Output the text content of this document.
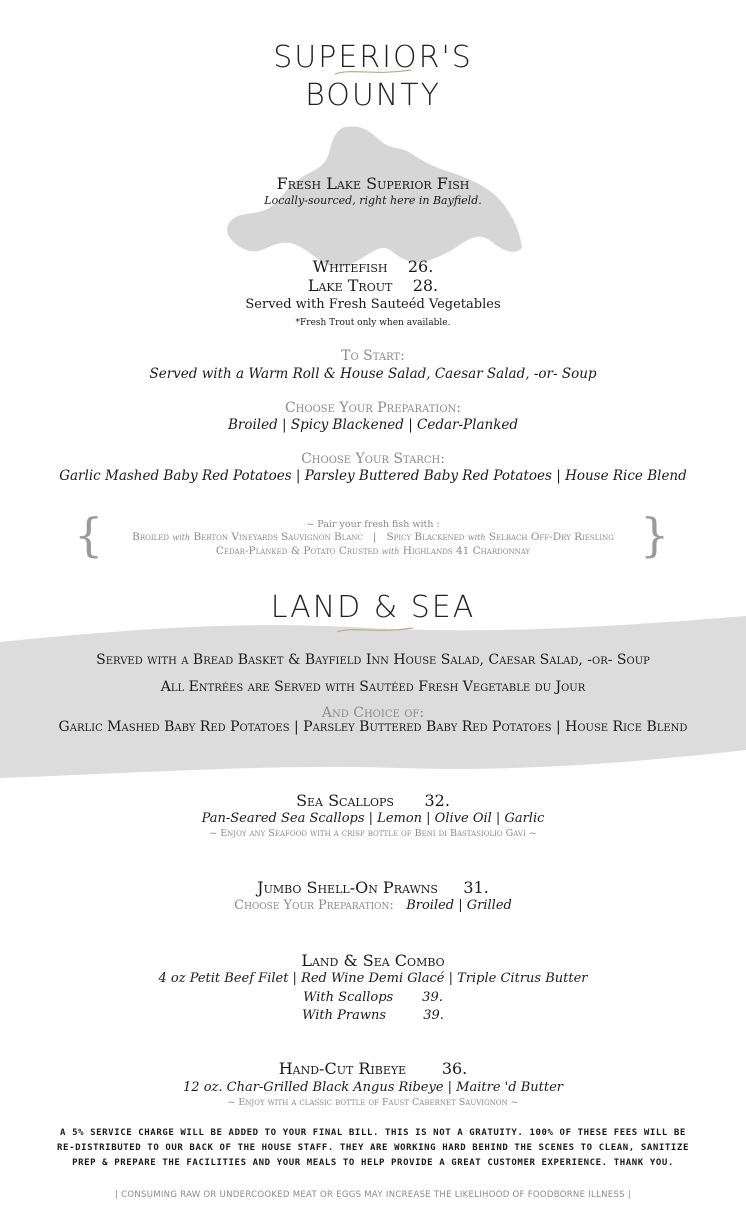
SUPERIOR'S
BOUNTY
Fresh Lake Superior Fish
Locally-sourced, right here in Bayfield.
Whitefish 26.
Lake Trout 28.
Served with Fresh Sauteéd Vegetables
*Fresh Trout only when available.
To Start:
Served with a Warm Roll & House Salad, Caesar Salad, -or- Soup
Choose Your Preparation:
Broiled | Spicy Blackened | Cedar-Planked
Choose Your Starch:
Garlic Mashed Baby Red Potatoes | Parsley Buttered Baby Red Potatoes | House Rice Blend
{	}
~ Pair your fresh fish with :
Broiled with Berton Vineyards Sauvignon Blanc | Spicy Blackened with Selbach Off-Dry Riesling
Cedar-Planked & Potato Crusted with Highlands 41 Chardonnay
LAND & SEA
Served with a Bread Basket & Bayfield Inn House Salad, Caesar Salad, -or- Soup
All Entrées are Served with Sautéed Fresh Vegetable du Jour
And Choice of:
Garlic Mashed Baby Red Potatoes | Parsley Buttered Baby Red Potatoes | House Rice Blend
Sea Scallops 32.
Pan-Seared Sea Scallops | Lemon | Olive Oil | Garlic
~ Enjoy any Seafood with a crisp bottle of Beni di Bastasiolio Gavi ~
Jumbo Shell-On Prawns 31.
Choose Your Preparation: Broiled | Grilled
Land & Sea Combo
4 oz Petit Beef Filet | Red Wine Demi Glacé | Triple Citrus Butter
With Scallops 39.
With Prawns	39.
Hand-Cut Ribeye 36.
12 oz. Char-Grilled Black Angus Ribeye | Maitre 'd Butter
~ Enjoy with a classic bottle of Faust Cabernet Sauvignon ~
A 5% SERVICE CHARGE WILL BE ADDED TO YOUR FINAL BILL. THIS IS NOT A GRATUITY. 100% OF THESE FEES WILL BE
RE-DISTRIBUTED TO OUR BACK OF THE HOUSE STAFF. THEY ARE WORKING HARD BEHIND THE SCENES TO CLEAN, SANITIZE
PREP & PREPARE THE FACILITIES AND YOUR MEALS TO HELP PROVIDE A GREAT CUSTOMER EXPERIENCE. THANK YOU.
| CONSUMING RAW OR UNDERCOOKED MEAT OR EGGS MAY INCREASE THE LIKELIHOOD OF FOODBORNE ILLNESS |
